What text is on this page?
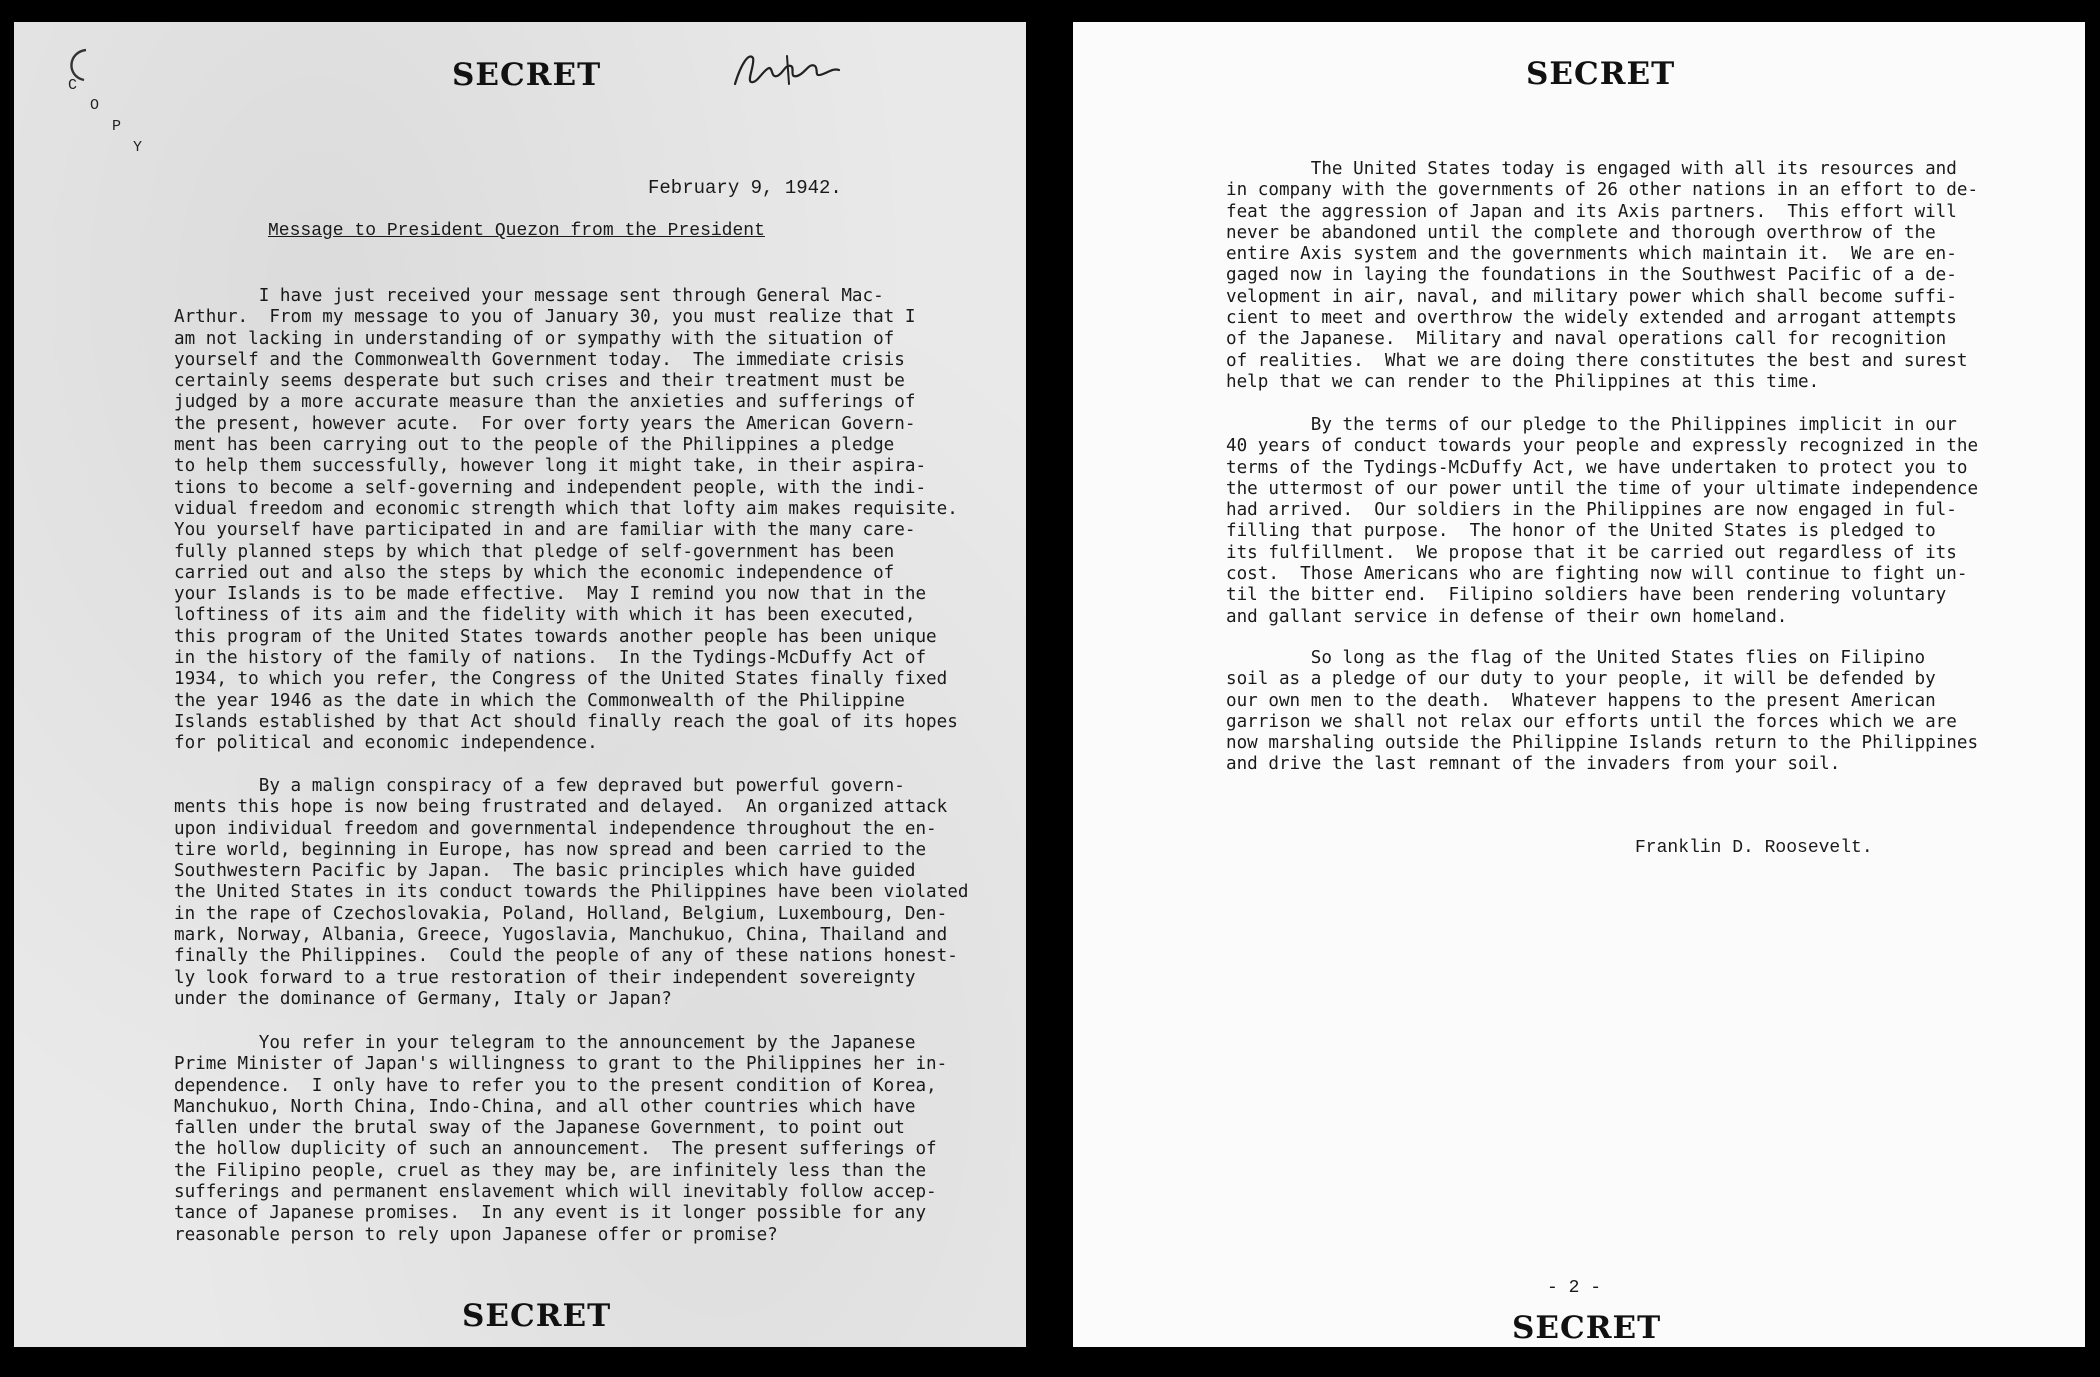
SECRET
C
O
P
Y
February 9, 1942.
Message to President Quezon from the President
I have just received your message sent through General Mac-
Arthur.  From my message to you of January 30, you must realize that I
am not lacking in understanding of or sympathy with the situation of
yourself and the Commonwealth Government today.  The immediate crisis
certainly seems desperate but such crises and their treatment must be
judged by a more accurate measure than the anxieties and sufferings of
the present, however acute.  For over forty years the American Govern-
ment has been carrying out to the people of the Philippines a pledge
to help them successfully, however long it might take, in their aspira-
tions to become a self-governing and independent people, with the indi-
vidual freedom and economic strength which that lofty aim makes requisite.
You yourself have participated in and are familiar with the many care-
fully planned steps by which that pledge of self-government has been
carried out and also the steps by which the economic independence of
your Islands is to be made effective.  May I remind you now that in the
loftiness of its aim and the fidelity with which it has been executed,
this program of the United States towards another people has been unique
in the history of the family of nations.  In the Tydings-McDuffy Act of
1934, to which you refer, the Congress of the United States finally fixed
the year 1946 as the date in which the Commonwealth of the Philippine
Islands established by that Act should finally reach the goal of its hopes
for political and economic independence.
By a malign conspiracy of a few depraved but powerful govern-
ments this hope is now being frustrated and delayed.  An organized attack
upon individual freedom and governmental independence throughout the en-
tire world, beginning in Europe, has now spread and been carried to the
Southwestern Pacific by Japan.  The basic principles which have guided
the United States in its conduct towards the Philippines have been violated
in the rape of Czechoslovakia, Poland, Holland, Belgium, Luxembourg, Den-
mark, Norway, Albania, Greece, Yugoslavia, Manchukuo, China, Thailand and
finally the Philippines.  Could the people of any of these nations honest-
ly look forward to a true restoration of their independent sovereignty
under the dominance of Germany, Italy or Japan?
You refer in your telegram to the announcement by the Japanese
Prime Minister of Japan's willingness to grant to the Philippines her in-
dependence.  I only have to refer you to the present condition of Korea,
Manchukuo, North China, Indo-China, and all other countries which have
fallen under the brutal sway of the Japanese Government, to point out
the hollow duplicity of such an announcement.  The present sufferings of
the Filipino people, cruel as they may be, are infinitely less than the
sufferings and permanent enslavement which will inevitably follow accep-
tance of Japanese promises.  In any event is it longer possible for any
reasonable person to rely upon Japanese offer or promise?
SECRET
SECRET
The United States today is engaged with all its resources and
in company with the governments of 26 other nations in an effort to de-
feat the aggression of Japan and its Axis partners.  This effort will
never be abandoned until the complete and thorough overthrow of the
entire Axis system and the governments which maintain it.  We are en-
gaged now in laying the foundations in the Southwest Pacific of a de-
velopment in air, naval, and military power which shall become suffi-
cient to meet and overthrow the widely extended and arrogant attempts
of the Japanese.  Military and naval operations call for recognition
of realities.  What we are doing there constitutes the best and surest
help that we can render to the Philippines at this time.
By the terms of our pledge to the Philippines implicit in our
40 years of conduct towards your people and expressly recognized in the
terms of the Tydings-McDuffy Act, we have undertaken to protect you to
the uttermost of our power until the time of your ultimate independence
had arrived.  Our soldiers in the Philippines are now engaged in ful-
filling that purpose.  The honor of the United States is pledged to
its fulfillment.  We propose that it be carried out regardless of its
cost.  Those Americans who are fighting now will continue to fight un-
til the bitter end.  Filipino soldiers have been rendering voluntary
and gallant service in defense of their own homeland.
So long as the flag of the United States flies on Filipino
soil as a pledge of our duty to your people, it will be defended by
our own men to the death.  Whatever happens to the present American
garrison we shall not relax our efforts until the forces which we are
now marshaling outside the Philippine Islands return to the Philippines
and drive the last remnant of the invaders from your soil.
Franklin D. Roosevelt.
- 2 -
SECRET
